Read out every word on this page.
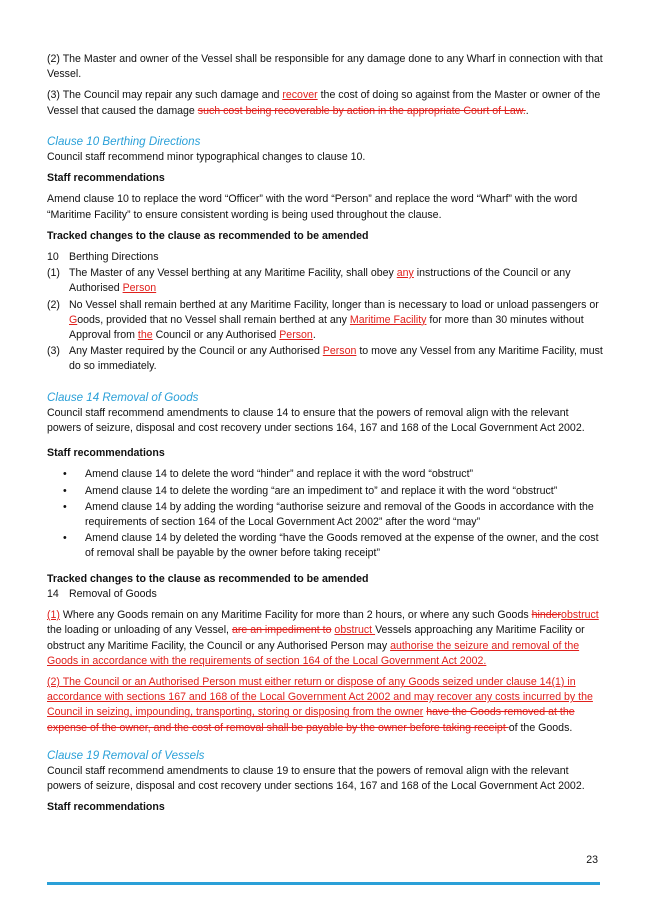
(2) The Master and owner of the Vessel shall be responsible for any damage done to any Wharf in connection with that Vessel.

(3) The Council may repair any such damage and recover the cost of doing so against from the Master or owner of the Vessel that caused the damage such cost being recoverable by action in the appropriate Court of Law..

Clause 10 Berthing Directions

Council staff recommend minor typographical changes to clause 10.

Staff recommendations

Amend clause 10 to replace the word “Officer” with the word “Person” and replace the word “Wharf” with the word “Maritime Facility” to ensure consistent wording is being used throughout the clause.

Tracked changes to the clause as recommended to be amended

10 Berthing Directions
(1) The Master of any Vessel berthing at any Maritime Facility, shall obey any instructions of the Council or any Authorised Person
(2) No Vessel shall remain berthed at any Maritime Facility, longer than is necessary to load or unload passengers or Goods, provided that no Vessel shall remain berthed at any Maritime Facility for more than 30 minutes without Approval from the Council or any Authorised Person.
(3) Any Master required by the Council or any Authorised Person to move any Vessel from any Maritime Facility, must do so immediately.

Clause 14 Removal of Goods

Council staff recommend amendments to clause 14 to ensure that the powers of removal align with the relevant powers of seizure, disposal and cost recovery under sections 164, 167 and 168 of the Local Government Act 2002.

Staff recommendations

• Amend clause 14 to delete the word “hinder” and replace it with the word “obstruct”
• Amend clause 14 to delete the wording “are an impediment to” and replace it with the word “obstruct”
• Amend clause 14 by adding the wording “authorise seizure and removal of the Goods in accordance with the requirements of section 164 of the Local Government Act 2002” after the word “may”
• Amend clause 14 by deleted the wording “have the Goods removed at the expense of the owner, and the cost of removal shall be payable by the owner before taking receipt”

Tracked changes to the clause as recommended to be amended

14 Removal of Goods

(1) Where any Goods remain on any Maritime Facility for more than 2 hours, or where any such Goods hinderobstruct the loading or unloading of any Vessel, are an impediment to obstruct Vessels approaching any Maritime Facility or obstruct any Maritime Facility, the Council or any Authorised Person may authorise the seizure and removal of the Goods in accordance with the requirements of section 164 of the Local Government Act 2002.

(2) The Council or an Authorised Person must either return or dispose of any Goods seized under clause 14(1) in accordance with sections 167 and 168 of the Local Government Act 2002 and may recover any costs incurred by the Council in seizing, impounding, transporting, storing or disposing from the owner have the Goods removed at the expense of the owner, and the cost of removal shall be payable by the owner before taking receipt of the Goods.

Clause 19 Removal of Vessels

Council staff recommend amendments to clause 19 to ensure that the powers of removal align with the relevant powers of seizure, disposal and cost recovery under sections 164, 167 and 168 of the Local Government Act 2002.

Staff recommendations

23
